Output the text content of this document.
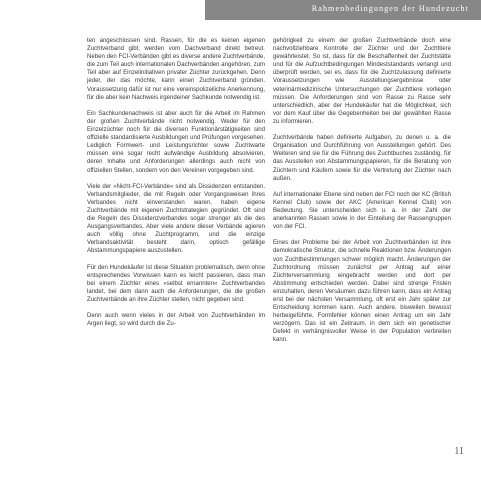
Rahmenbedingungen der Hundezucht

ten angeschlossen sind. Rassen, für die es keinen eigenen Zuchtverband gibt, werden vom Dachverband direkt betreut. Neben den FCI-Verbänden gibt es diverse andere Zuchtverbände, die zum Teil auch internationalen Dachverbänden angehören, zum Teil aber auf Einzelinitiativen privater Züchter zurückgehen. Denn jeder, der das möchte, kann einen Zuchtverband gründen. Voraussetzung dafür ist nur eine vereinspolizeiliche Anerkennung, für die aber kein Nachweis irgendeiner Sachkunde notwendig ist.

Ein Sachkundenachweis ist aber auch für die Arbeit im Rahmen der großen Zuchtverbände nicht notwendig. Weder für den Einzelzüchter noch für die diversen Funktionärstätigkeiten sind offizielle standardisierte Ausbildungen und Prüfungen vorgesehen. Lediglich Formwert- und Leistungsrichter sowie Zuchtwarte müssen eine sogar recht aufwändige Ausbildung absolvieren, deren Inhalte und Anforderungen allerdings auch nicht von offiziellen Stellen, sondern von den Vereinen vorgegeben sind.

Viele der »Nicht-FCI-Verbände« sind als Dissidenzen entstanden. Verbandsmitglieder, die mit Regeln oder Vorgangsweisen ihres Verbandes nicht einverstanden waren, haben eigene Zuchtverbände mit eigenen Zuchtstrategien gegründet. Oft sind die Regeln des Dissidenzverbandes sogar strenger als die des Ausgangsverbandes. Aber viele andere dieser Verbände agieren auch völlig ohne Zuchtprogramm, und die einzige Verbandsaktivität besteht darin, optisch gefällige Abstammungspapiere auszustellen.

Für den Hundekäufer ist diese Situation problematisch, denn ohne entsprechendes Vorwissen kann es leicht passieren, dass man bei einem Züchter eines »selbst ernannten« Zuchtverbandes landet, bei dem dann auch die Anforderungen, die die großen Zuchtverbände an ihre Züchter stellen, nicht gegeben sind.

Denn auch wenn vieles in der Arbeit von Zuchtverbänden im Argen liegt, so wird durch die Zu-

gehörigkeit zu einem der großen Zuchtverbände doch eine nachvollziehbare Kontrolle der Züchter und der Zuchttiere gewährleistet. So ist, dass für die Beschaffenheit der Zuchtstätte und für die Aufzuchtbedingungen Mindeststandards verlangt und überprüft werden, sei es, dass für die Zuchtzulassung definierte Voraussetzungen wie Ausstellungsergebnisse oder veterinärmedizinische Untersuchungen der Zuchttiere vorliegen müssen. Die Anforderungen sind von Rasse zu Rasse sehr unterschiedlich, aber der Hundekäufer hat die Möglichkeit, sich vor dem Kauf über die Gegebenheiten bei der gewählten Rasse zu informieren.

Zuchtverbände haben definierte Aufgaben, zu denen u. a. die Organisation und Durchführung von Ausstellungen gehört. Des Weiteren sind sie für die Führung des Zuchtbuches zuständig, für das Ausstellen von Abstammungspapieren, für die Beratung von Züchtern und Käufern sowie für die Vertretung der Züchter nach außen.

Auf internationaler Ebene sind neben der FCI noch der KC (British Kennel Club) sowie der AKC (American Kennel Club) von Bedeutung. Sie unterscheiden sich u. a. in der Zahl der anerkannten Rassen sowie in der Einteilung der Rassengruppen von der FCI.

Eines der Probleme bei der Arbeit von Zuchtverbänden ist ihre demokratische Struktur, die schnelle Reaktionen bzw. Änderungen von Zuchtbestimmungen schwer möglich macht. Änderungen der Zuchtordnung müssen zunächst per Antrag auf einer Züchterversammlung eingebracht werden und dort per Abstimmung entschieden werden. Dabei sind strenge Fristen einzuhalten, deren Versäumen dazu führen kann, dass ein Antrag erst bei der nächsten Versammlung, oft erst ein Jahr später zur Entscheidung kommen kann. Auch andere, bisweilen bewusst herbeigeführte, Formfehler können einen Antrag um ein Jahr verzögern. Das ist ein Zeitraum, in dem sich ein genetischer Defekt in verhängnisvoller Weise in der Population verbreiten kann.

11
